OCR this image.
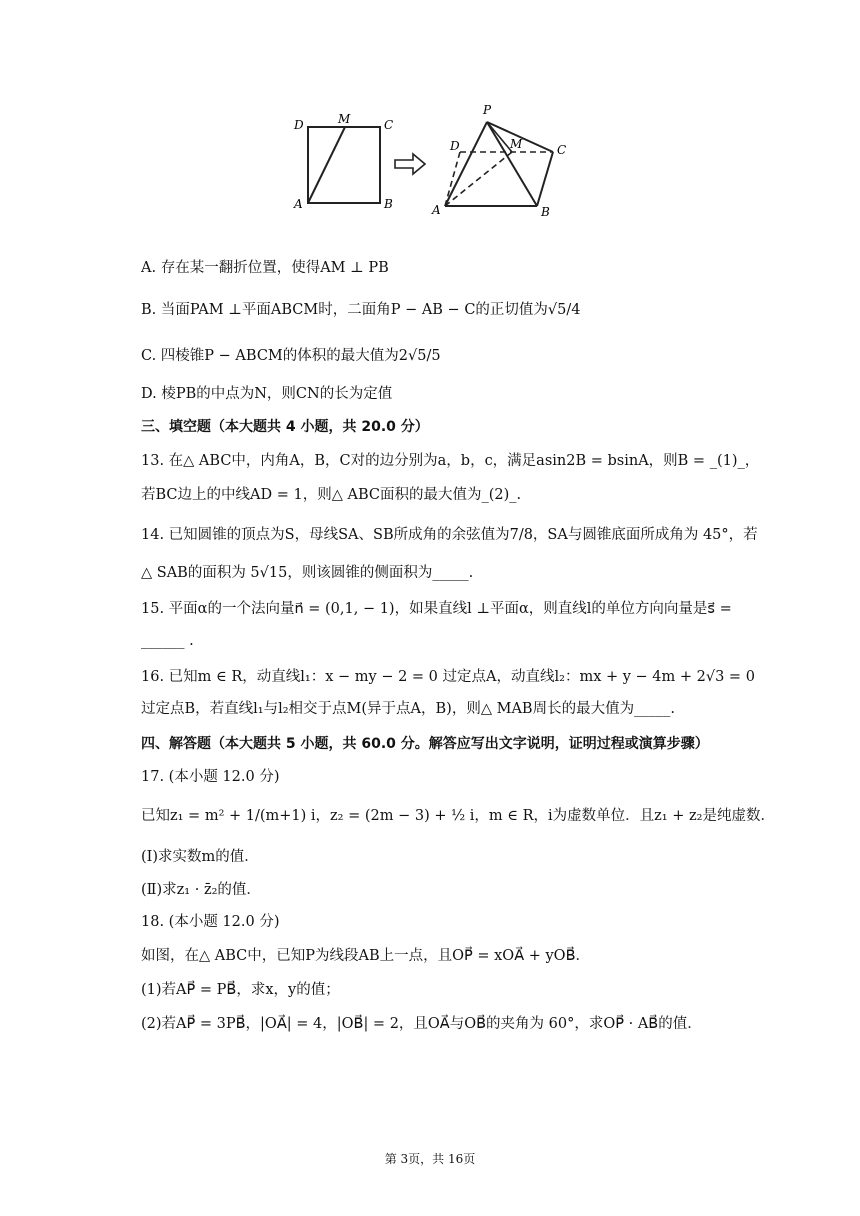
D	M	C
A	B
P
D	M	C
A	B
A. 存在某一翻折位置，使得AM ⊥ PB
B. 当面PAM ⊥平面ABCM时，二面角P − AB − C的正切值为√5/4
C. 四棱锥P − ABCM的体积的最大值为2√5/5
D. 棱PB的中点为N，则CN的长为定值
三、填空题（本大题共 4 小题，共 20.0 分）
13. 在△ ABC中，内角A，B，C对的边分别为a，b，c，满足asin2B = bsinA，则B = _(1)_，
若BC边上的中线AD = 1，则△ ABC面积的最大值为_(2)_.
14. 已知圆锥的顶点为S，母线SA、SB所成角的余弦值为7/8，SA与圆锥底面所成角为 45°，若
△ SAB的面积为 5√15，则该圆锥的侧面积为_____.
15. 平面α的一个法向量n⃗ = (0,1, − 1)，如果直线l ⊥平面α，则直线l的单位方向向量是s⃗ =
______ .
16. 已知m ∈ R，动直线l₁：x − my − 2 = 0 过定点A，动直线l₂：mx + y − 4m + 2√3 = 0
过定点B，若直线l₁与l₂相交于点M(异于点A，B)，则△ MAB周长的最大值为_____.
四、解答题（本大题共 5 小题，共 60.0 分。解答应写出文字说明，证明过程或演算步骤）
17. (本小题 12.0 分)
已知z₁ = m² + 1/(m+1) i，z₂ = (2m − 3) + ½ i，m ∈ R，i为虚数单位．且z₁ + z₂是纯虚数．
(Ⅰ)求实数m的值．
(Ⅱ)求z₁ · z̄₂的值．
18. (本小题 12.0 分)
如图，在△ ABC中，已知P为线段AB上一点，且OP⃗ = xOA⃗ + yOB⃗．
(1)若AP⃗ = PB⃗，求x，y的值；
(2)若AP⃗ = 3PB⃗，|OA⃗| = 4，|OB⃗| = 2，且OA⃗与OB⃗的夹角为 60°，求OP⃗ · AB⃗的值．
第 3页，共 16页
